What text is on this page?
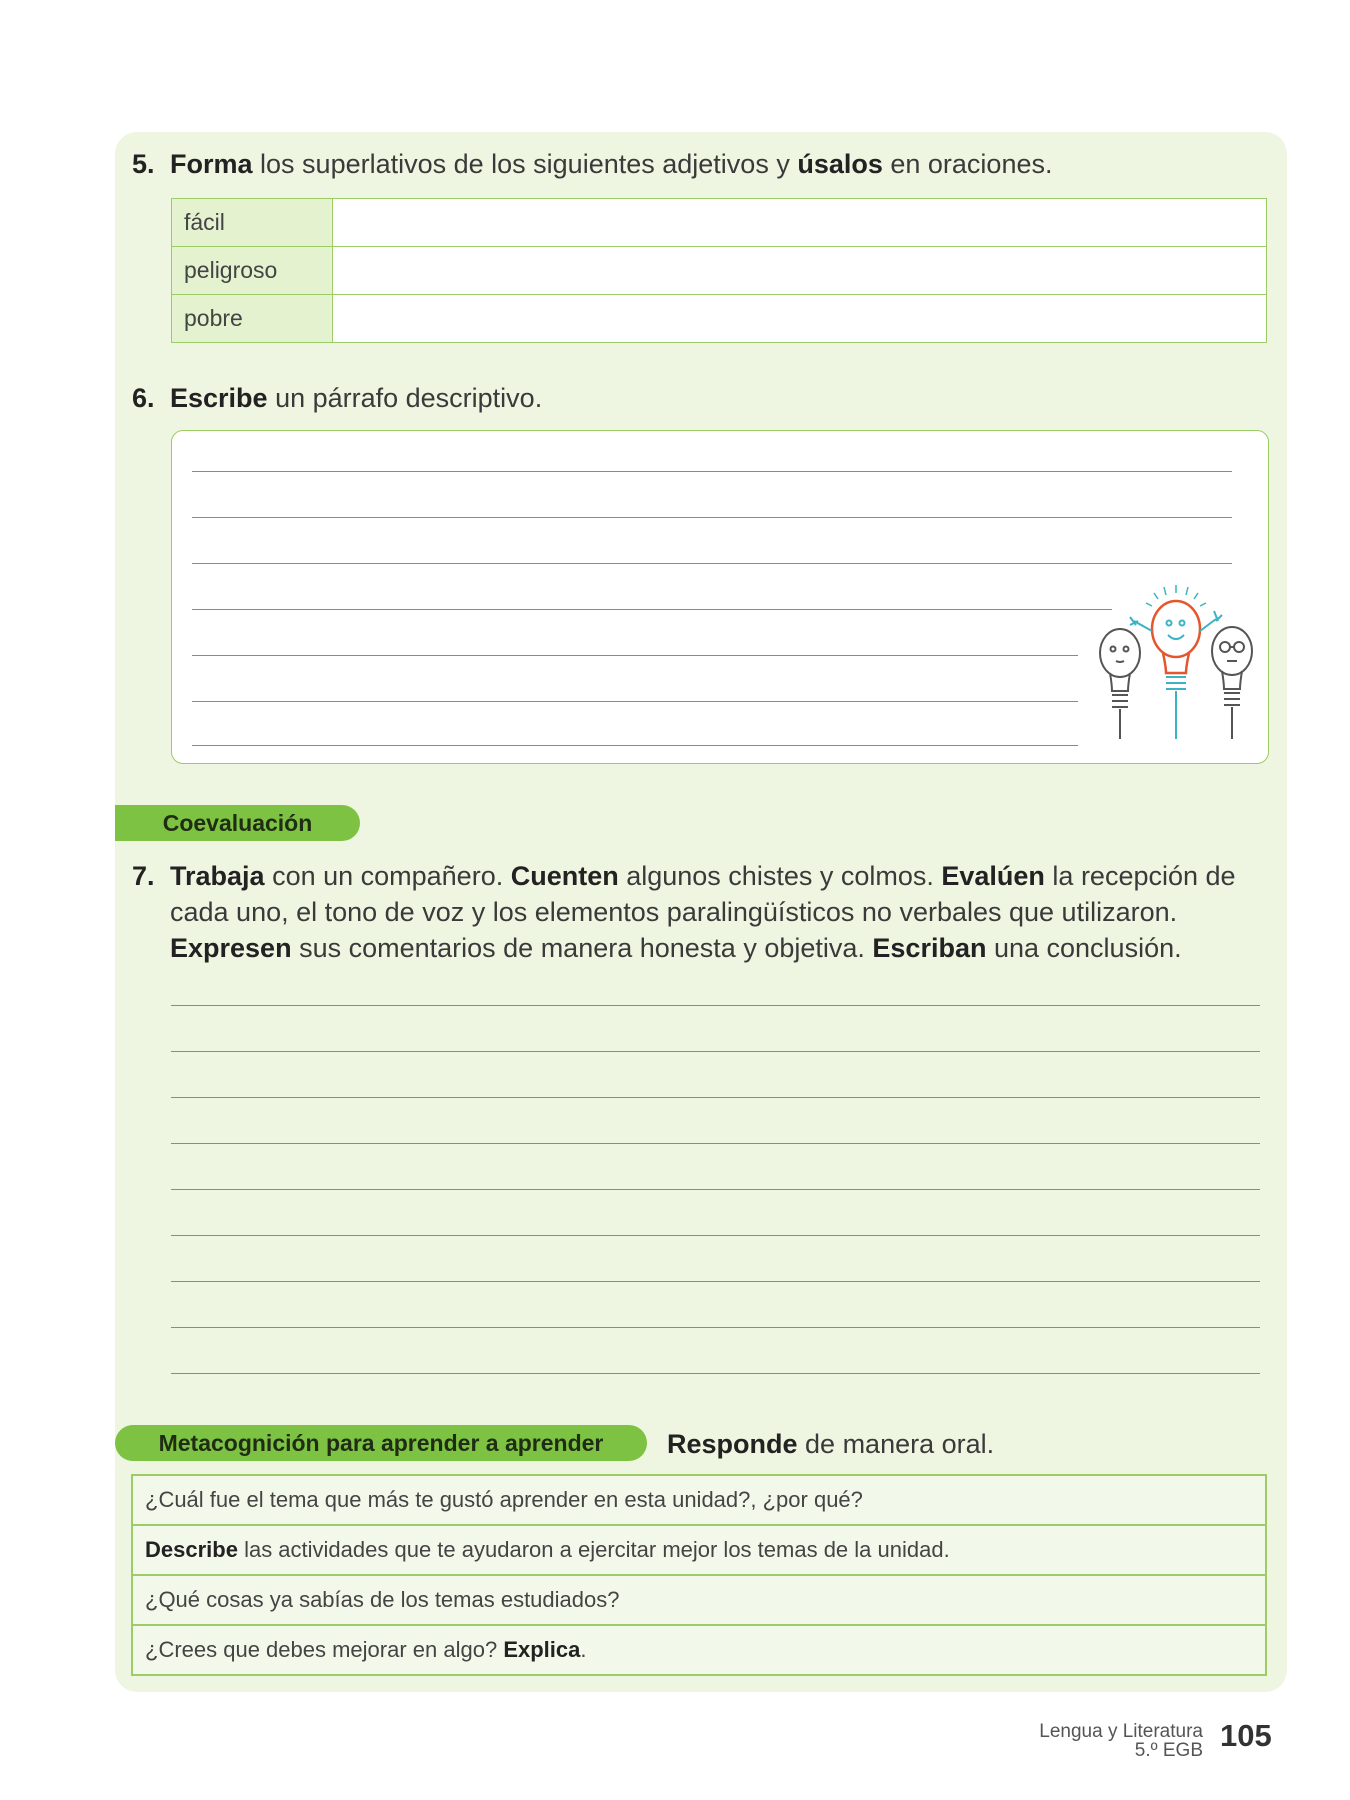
5. Forma los superlativos de los siguientes adjetivos y úsalos en oraciones.
fácil	
peligroso	
pobre	
6. Escribe un párrafo descriptivo.
Coevaluación
7. Trabaja con un compañero. Cuenten algunos chistes y colmos. Evalúen la recepción de cada uno, el tono de voz y los elementos paralingüísticos no verbales que utilizaron. Expresen sus comentarios de manera honesta y objetiva. Escriban una conclusión.
Metacognición para aprender a aprender	Responde de manera oral.
¿Cuál fue el tema que más te gustó aprender en esta unidad?, ¿por qué?
Describe las actividades que te ayudaron a ejercitar mejor los temas de la unidad.
¿Qué cosas ya sabías de los temas estudiados?
¿Crees que debes mejorar en algo? Explica.
Lengua y Literatura
5.º EGB 105
